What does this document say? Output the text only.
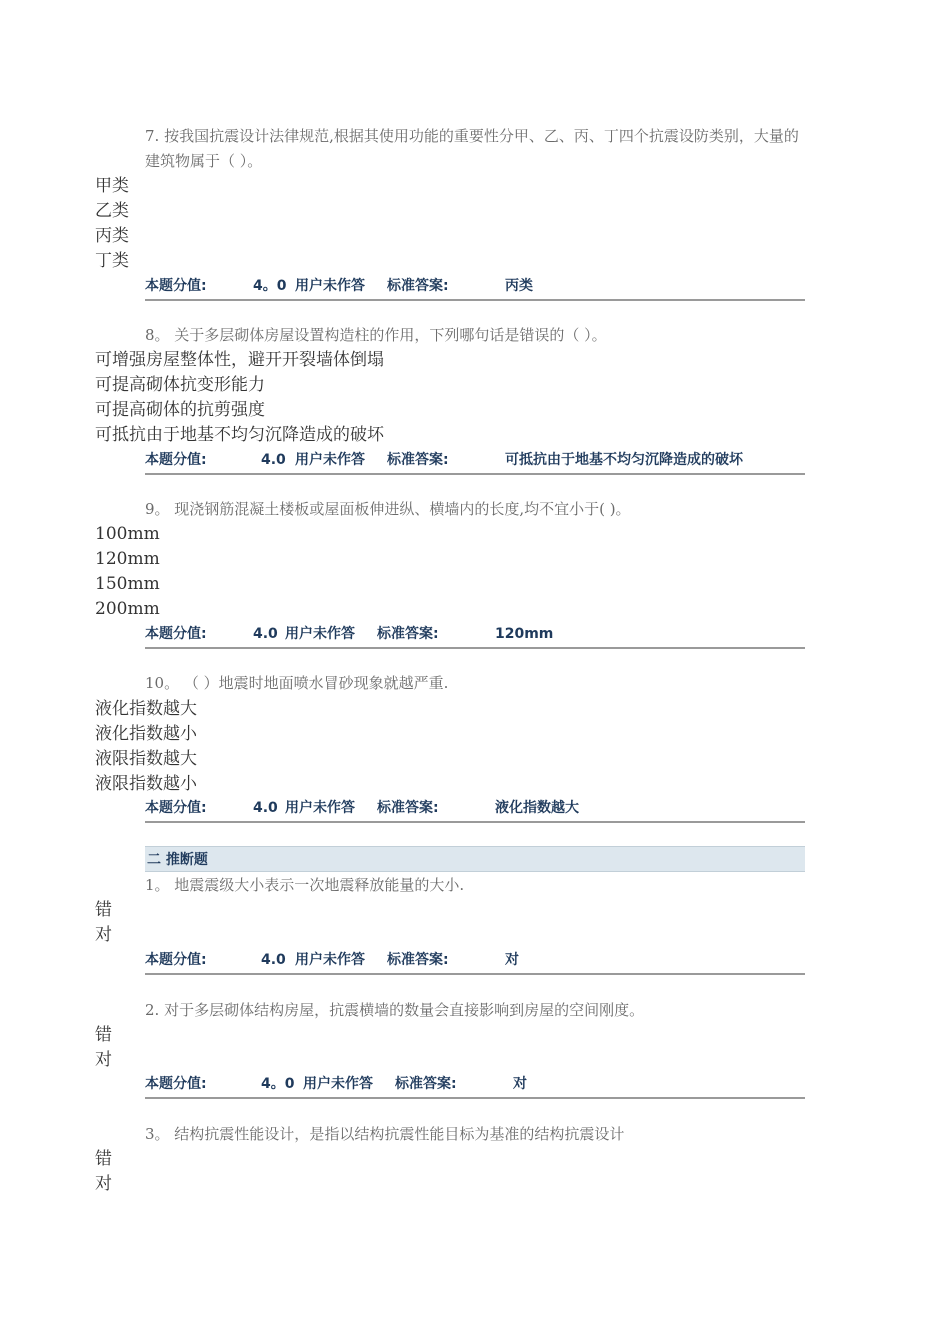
7. 按我国抗震设计法律规范,根据其使用功能的重要性分甲、乙、丙、丁四个抗震设防类别，大量的建筑物属于（ ）。
甲类
乙类
丙类
丁类
本题分值:	4。0 用户未作答 标准答案:	丙类
8。 关于多层砌体房屋设置构造柱的作用，下列哪句话是错误的（ ）。
可增强房屋整体性，避开开裂墙体倒塌
可提高砌体抗变形能力
可提高砌体的抗剪强度
可抵抗由于地基不均匀沉降造成的破坏
本题分值:	4.0 用户未作答 标准答案:	可抵抗由于地基不均匀沉降造成的破坏
9。 现浇钢筋混凝土楼板或屋面板伸进纵、横墙内的长度,均不宜小于( )。
100mm
120mm
150mm
200mm
本题分值:	4.0 用户未作答 标准答案:	120mm
10。 （ ）地震时地面喷水冒砂现象就越严重.
液化指数越大
液化指数越小
液限指数越大
液限指数越小
本题分值:	4.0 用户未作答 标准答案:	液化指数越大
二 推断题
1。 地震震级大小表示一次地震释放能量的大小.
错
对
本题分值:	4.0 用户未作答 标准答案:	对
2. 对于多层砌体结构房屋，抗震横墙的数量会直接影响到房屋的空间刚度。
错
对
本题分值:	4。0 用户未作答 标准答案:	对
3。 结构抗震性能设计，是指以结构抗震性能目标为基准的结构抗震设计
错
对
